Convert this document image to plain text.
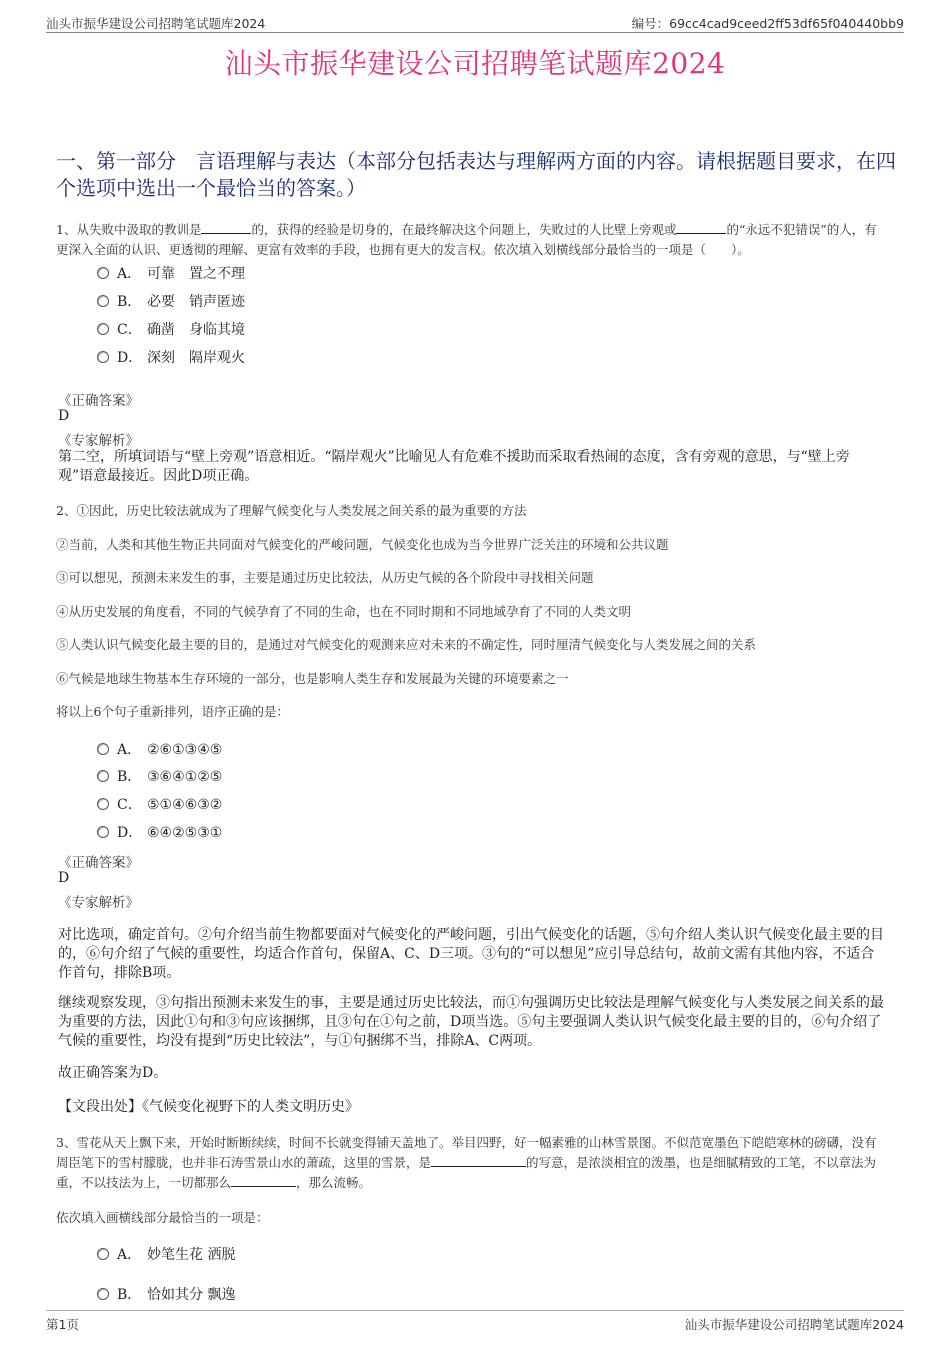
汕头市振华建设公司招聘笔试题库2024	编号：69cc4cad9ceed2ff53df65f040440bb9
汕头市振华建设公司招聘笔试题库2024
一、第一部分　言语理解与表达（本部分包括表达与理解两方面的内容。请根据题目要求，在四个选项中选出一个最恰当的答案。）
1、从失败中汲取的教训是	的，获得的经验是切身的，在最终解决这个问题上，失败过的人比壁上旁观或	的“永远不犯错误”的人，有更深入全面的认识、更透彻的理解、更富有效率的手段，也拥有更大的发言权。依次填入划横线部分最恰当的一项是（　　）。
A． 可靠　置之不理
B． 必要　销声匿迹
C． 确凿　身临其境
D． 深刻　隔岸观火
《正确答案》
D
《专家解析》
第二空，所填词语与“壁上旁观”语意相近。“隔岸观火”比喻见人有危难不援助而采取看热闹的态度，含有旁观的意思，与“壁上旁观”语意最接近。因此D项正确。
2、①因此，历史比较法就成为了理解气候变化与人类发展之间关系的最为重要的方法
②当前，人类和其他生物正共同面对气候变化的严峻问题，气候变化也成为当今世界广泛关注的环境和公共议题
③可以想见，预测未来发生的事，主要是通过历史比较法，从历史气候的各个阶段中寻找相关问题
④从历史发展的角度看，不同的气候孕育了不同的生命，也在不同时期和不同地域孕育了不同的人类文明
⑤人类认识气候变化最主要的目的，是通过对气候变化的观测来应对未来的不确定性，同时厘清气候变化与人类发展之间的关系
⑥气候是地球生物基本生存环境的一部分，也是影响人类生存和发展最为关键的环境要素之一
将以上6个句子重新排列，语序正确的是：
A． ②⑥①③④⑤
B． ③⑥④①②⑤
C． ⑤①④⑥③②
D． ⑥④②⑤③①
《正确答案》
D
《专家解析》
对比选项，确定首句。②句介绍当前生物都要面对气候变化的严峻问题，引出气候变化的话题，⑤句介绍人类认识气候变化最主要的目的，⑥句介绍了气候的重要性，均适合作首句，保留A、C、D三项。③句的“可以想见”应引导总结句，故前文需有其他内容，不适合作首句，排除B项。
继续观察发现，③句指出预测未来发生的事，主要是通过历史比较法，而①句强调历史比较法是理解气候变化与人类发展之间关系的最为重要的方法，因此①句和③句应该捆绑，且③句在①句之前，D项当选。⑤句主要强调人类认识气候变化最主要的目的，⑥句介绍了气候的重要性，均没有提到“历史比较法”，与①句捆绑不当，排除A、C两项。
故正确答案为D。
【文段出处】《气候变化视野下的人类文明历史》
3、雪花从天上飘下来，开始时断断续续，时间不长就变得铺天盖地了。举目四野，好一幅素雅的山林雪景图。不似范宽墨色下皑皑寒林的磅礴，没有周臣笔下的雪村朦胧，也并非石涛雪景山水的萧疏，这里的雪景，是	的写意，是浓淡相宜的泼墨，也是细腻精致的工笔，不以章法为重，不以技法为上，一切都那么	，那么流畅。
依次填入画横线部分最恰当的一项是：
A． 妙笔生花 洒脱
B． 恰如其分 飘逸
第1页	汕头市振华建设公司招聘笔试题库2024
